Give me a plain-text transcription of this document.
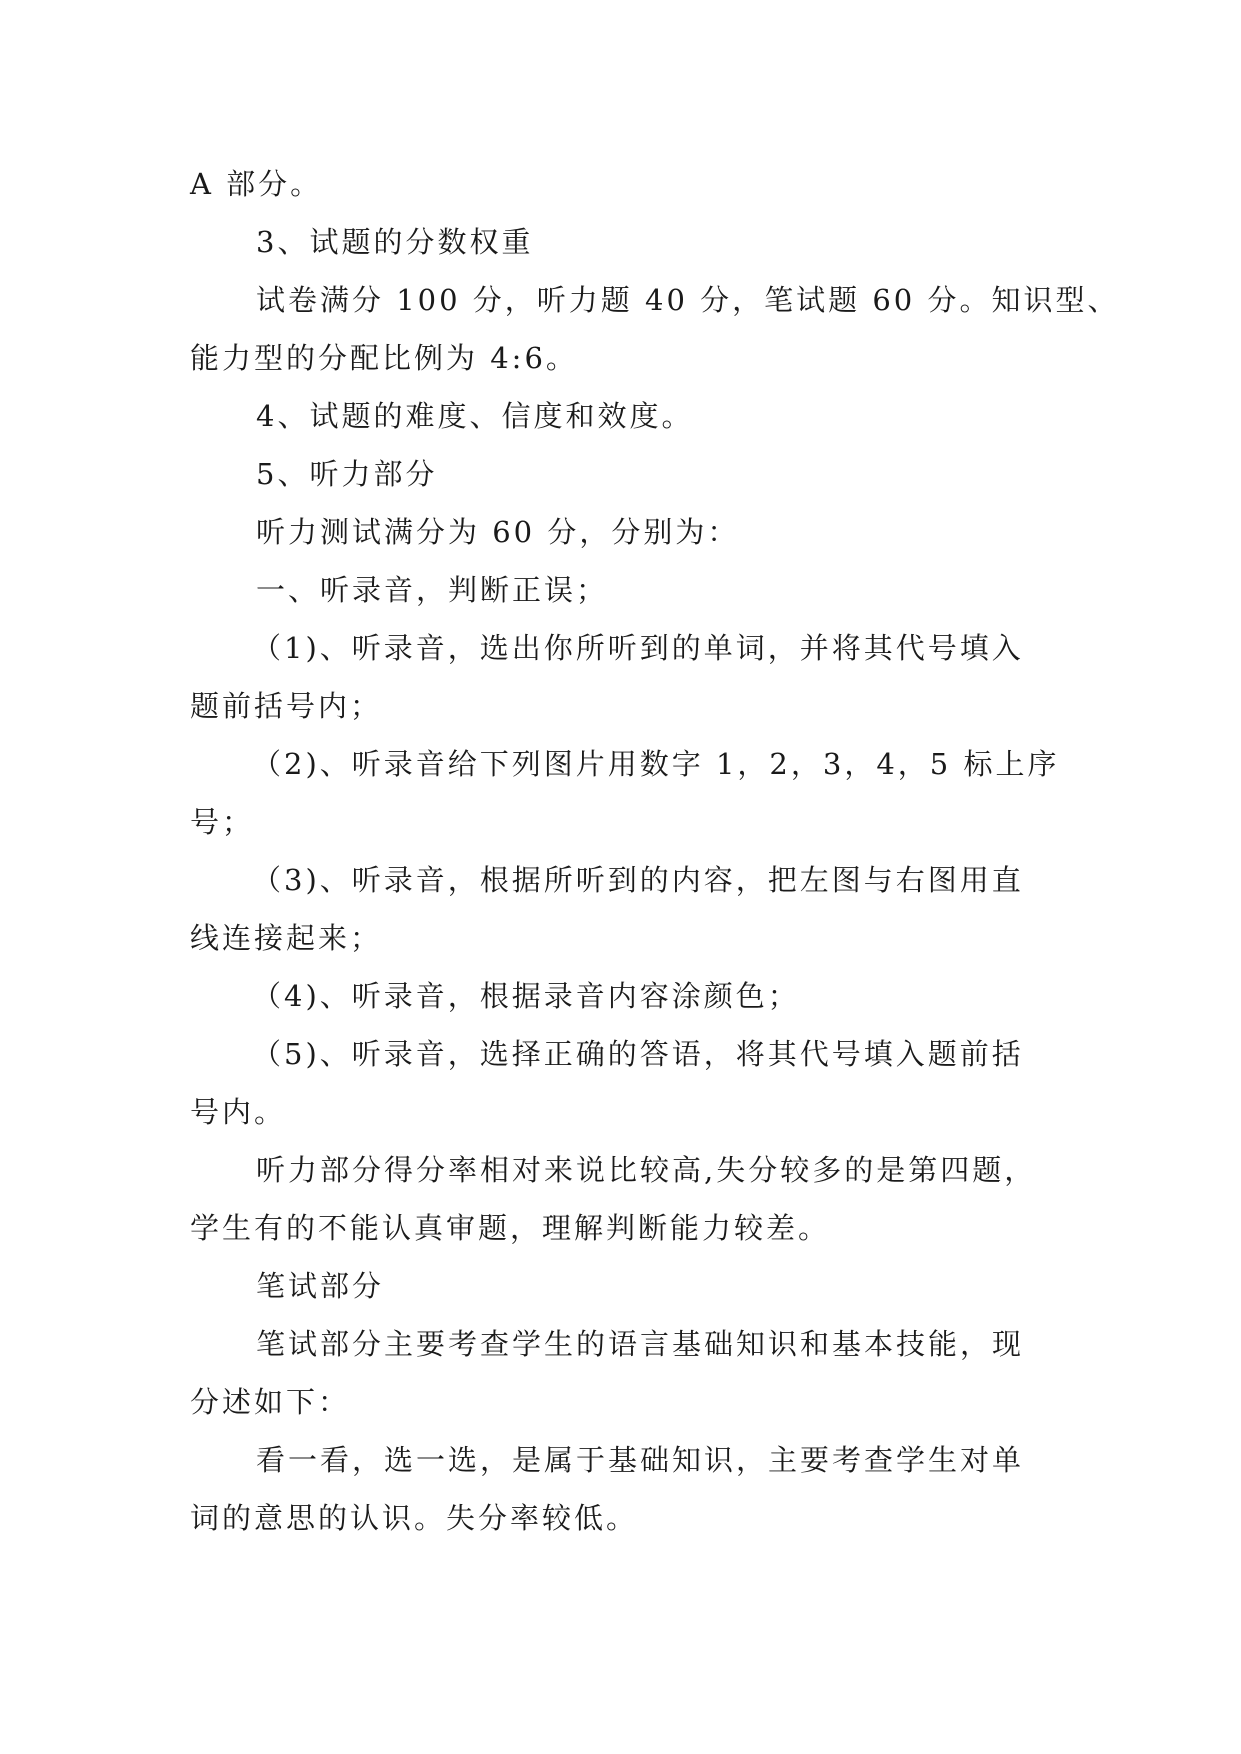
A 部分。

3、试题的分数权重

试卷满分 100 分，听力题 40 分，笔试题 60 分。知识型、

能力型的分配比例为 4:6。

4、试题的难度、信度和效度。

5、听力部分

听力测试满分为 60 分，分别为：

一、听录音，判断正误；

（1)、听录音，选出你所听到的单词，并将其代号填入

题前括号内；

（2)、听录音给下列图片用数字 1，2，3，4，5 标上序

号；

（3)、听录音，根据所听到的内容，把左图与右图用直

线连接起来；

（4)、听录音，根据录音内容涂颜色；

（5)、听录音，选择正确的答语，将其代号填入题前括

号内。

听力部分得分率相对来说比较高,失分较多的是第四题，

学生有的不能认真审题，理解判断能力较差。

笔试部分

笔试部分主要考查学生的语言基础知识和基本技能，现

分述如下：

看一看，选一选，是属于基础知识，主要考查学生对单

词的意思的认识。失分率较低。
